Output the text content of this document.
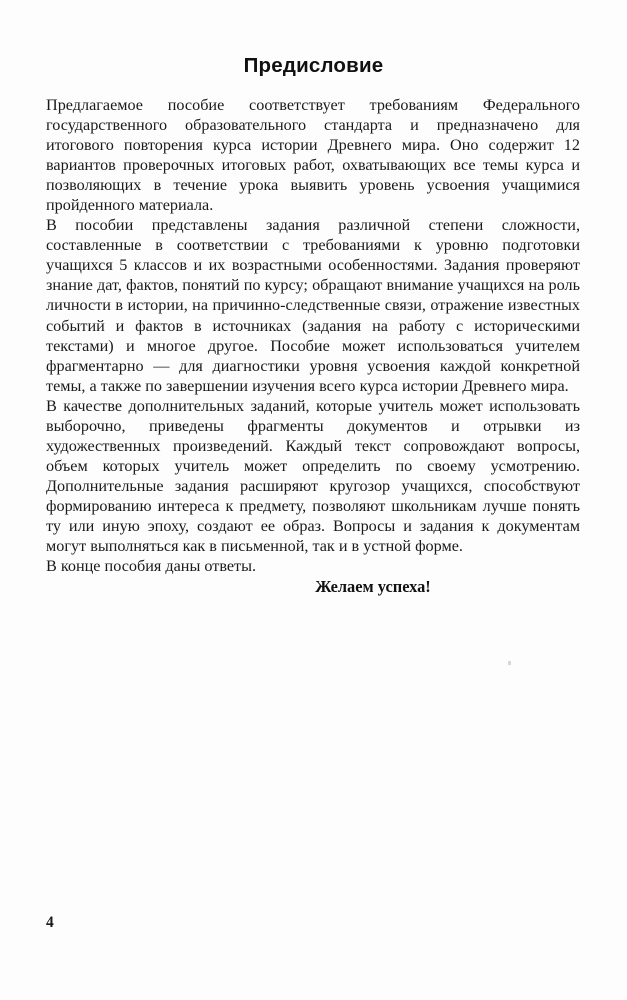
Предисловие

Предлагаемое пособие соответствует требованиям Федерального государственного образовательного стандарта и предназначено для итогового повторения курса истории Древнего мира. Оно содержит 12 вариантов проверочных итоговых работ, охватывающих все темы курса и позволяющих в течение урока выявить уровень усвоения учащимися пройденного материала.

В пособии представлены задания различной степени сложности, составленные в соответствии с требованиями к уровню подготовки учащихся 5 классов и их возрастными особенностями. Задания проверяют знание дат, фактов, понятий по курсу; обращают внимание учащихся на роль личности в истории, на причинно-следственные связи, отражение известных событий и фактов в источниках (задания на работу с историческими текстами) и многое другое. Пособие может использоваться учителем фрагментарно — для диагностики уровня усвоения каждой конкретной темы, а также по завершении изучения всего курса истории Древнего мира.

В качестве дополнительных заданий, которые учитель может использовать выборочно, приведены фрагменты документов и отрывки из художественных произведений. Каждый текст сопровождают вопросы, объем которых учитель может определить по своему усмотрению. Дополнительные задания расширяют кругозор учащихся, способствуют формированию интереса к предмету, позволяют школьникам лучше понять ту или иную эпоху, создают ее образ. Вопросы и задания к документам могут выполняться как в письменной, так и в устной форме.

В конце пособия даны ответы.

Желаем успеха!

4
